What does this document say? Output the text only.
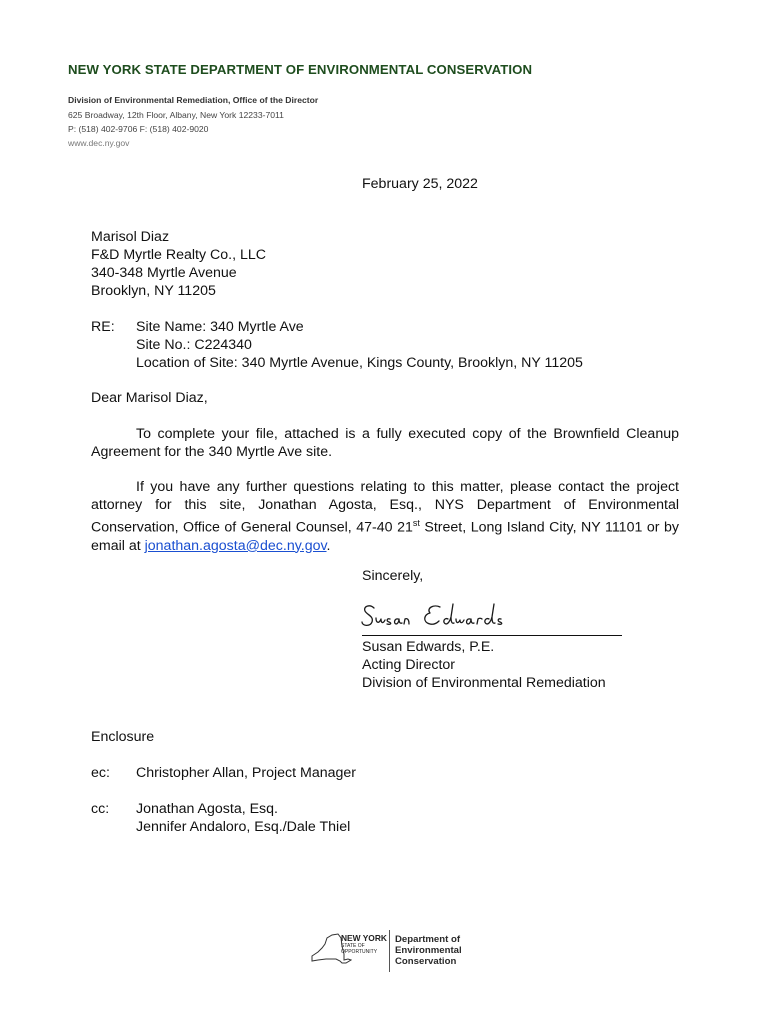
NEW YORK STATE DEPARTMENT OF ENVIRONMENTAL CONSERVATION
Division of Environmental Remediation, Office of the Director
625 Broadway, 12th Floor, Albany, New York 12233-7011
P: (518) 402-9706 F: (518) 402-9020
www.dec.ny.gov
February 25, 2022
Marisol Diaz
F&D Myrtle Realty Co., LLC
340-348 Myrtle Avenue
Brooklyn, NY 11205
RE: Site Name: 340 Myrtle Ave
Site No.: C224340
Location of Site: 340 Myrtle Avenue, Kings County, Brooklyn, NY 11205
Dear Marisol Diaz,

To complete your file, attached is a fully executed copy of the Brownfield Cleanup Agreement for the 340 Myrtle Ave site.

If you have any further questions relating to this matter, please contact the project attorney for this site, Jonathan Agosta, Esq., NYS Department of Environmental Conservation, Office of General Counsel, 47-40 21st Street, Long Island City, NY 11101 or by email at jonathan.agosta@dec.ny.gov.

Sincerely,
Susan Edwards, P.E.
Acting Director
Division of Environmental Remediation
Enclosure
ec: Christopher Allan, Project Manager
cc: Jonathan Agosta, Esq.
Jennifer Andaloro, Esq./Dale Thiel
NEW YORK
STATE OF
OPPORTUNITY
Department of
Environmental
Conservation
